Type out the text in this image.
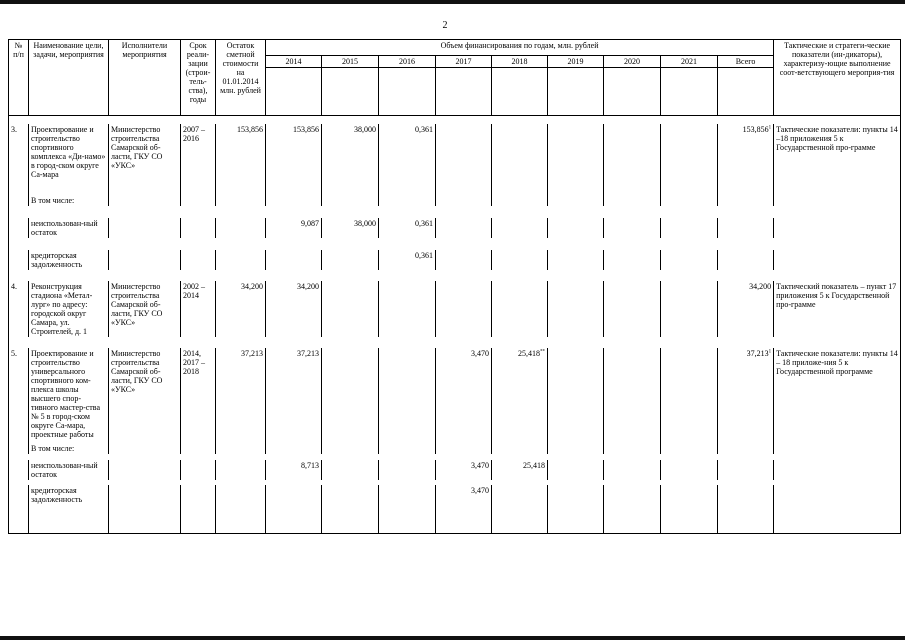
2
№ п/п	Наименование цели, задачи, мероприятия	Исполнители мероприятия	Срок реали-зации (строи-тель-ства), годы	Остаток сметной стоимости на 01.01.2014 млн. рублей	Объем финансирования по годам, млн. рублей									Тактические и стратеги-ческие показатели (ин-дикаторы), характеризу-ющие выполнение соот-ветствующего мероприя-тия
					2014	2015	2016	2017	2018	2019	2020	2021	Всего	

3.	Проектирование и строительство спортивного комплекса «Ди-намо» в город-ском округе Са-мара	Министерство строительства Самарской об-ласти, ГКУ СО «УКС»	2007 – 2016	153,856	153,856	38,000	0,361						153,856$^1$	Тактические показатели: пункты 14 –18 приложения 5 к Государственной про-грамме
	В том числе:													

	неиспользован-ный остаток				9,087	38,000	0,361							

	кредиторская задолженность						0,361							

4.	Реконструкция стадиона «Метал-лург» по адресу: городской округ Самара, ул. Строителей, д. 1	Министерство строительства Самарской об-ласти, ГКУ СО «УКС»	2002 – 2014	34,200	34,200								34,200	Тактический показатель – пункт 17 приложения 5 к Государственной про-грамме

5.	Проектирование и строительство универсального спортивного ком-плекса школы высшего спор-тивного мастер-ства № 5 в город-ском округе Са-мара, проектные работы	Министерство строительства Самарской об-ласти, ГКУ СО «УКС»	2014, 2017 – 2018	37,213	37,213			3,470	25,418**				37,213$^1$	Тактические показатели: пункты 14 – 18 приложе-ния 5 к Государственной программе
	В том числе:													

	неиспользован-ный остаток				8,713			3,470	25,418					

	кредиторская задолженность							3,470						
